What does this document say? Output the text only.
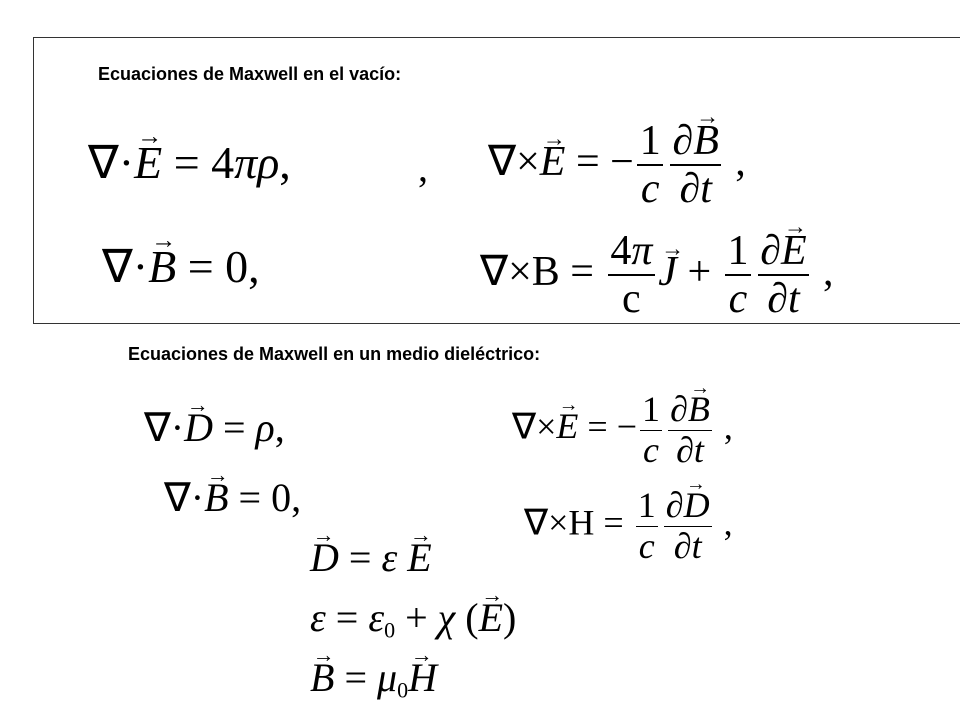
Ecuaciones de Maxwell en el vacío:
∇·→ E = 4πρ,	, ∇×→ E = − $\frac{1}{c} \frac{\partial\to B}{\partial t}$ ,
∇·→ B = 0,	$\nabla\times B = \frac{4\pi}{c}$
→ $J + \frac{1}{c} \frac{\partial\to E}{\partial t}$ ,
Ecuaciones de Maxwell en un medio dieléctrico:
∇·→ D = ρ,	∇×→ E = − $\frac{1}{c} \frac{\partial\to B}{\partial t}$ ,
∇·→ B = 0,
$\nabla\times H = \frac{1}{c} \frac{\partial\to D}{\partial t}$ ,
→ D = ε → E
$\varepsilon = \varepsilon_0 + \chi$ (→ E)
→ $B = \mu_0\to H$
